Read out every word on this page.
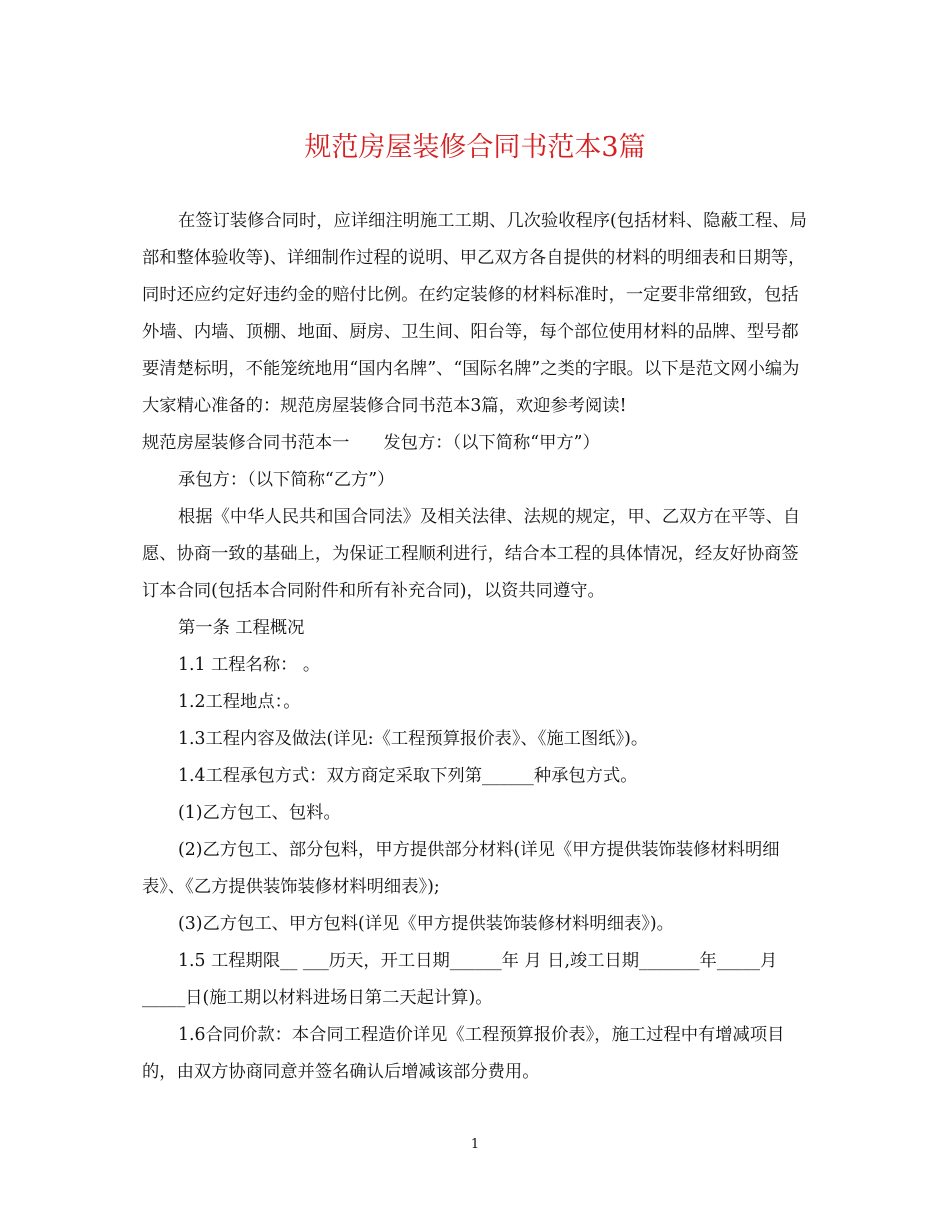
规范房屋装修合同书范本3篇

在签订装修合同时，应详细注明施工工期、几次验收程序(包括材料、隐蔽工程、局部和整体验收等)、详细制作过程的说明、甲乙双方各自提供的材料的明细表和日期等，同时还应约定好违约金的赔付比例。在约定装修的材料标准时，一定要非常细致，包括外墙、内墙、顶棚、地面、厨房、卫生间、阳台等，每个部位使用材料的品牌、型号都要清楚标明，不能笼统地用“国内名牌”、“国际名牌”之类的字眼。以下是范文网小编为大家精心准备的：规范房屋装修合同书范本3篇，欢迎参考阅读!

规范房屋装修合同书范本一 发包方：（以下简称“甲方”）

承包方：（以下简称“乙方”）

根据《中华人民共和国合同法》及相关法律、法规的规定，甲、乙双方在平等、自愿、协商一致的基础上，为保证工程顺利进行，结合本工程的具体情况，经友好协商签订本合同(包括本合同附件和所有补充合同)，以资共同遵守。

第一条 工程概况

1.1 工程名称： 。

1.2工程地点：。

1.3工程内容及做法(详见:《工程预算报价表》、《施工图纸》)。

1.4工程承包方式：双方商定采取下列第______种承包方式。

(1)乙方包工、包料。

(2)乙方包工、部分包料，甲方提供部分材料(详见《甲方提供装饰装修材料明细表》、《乙方提供装饰装修材料明细表》);

(3)乙方包工、甲方包料(详见《甲方提供装饰装修材料明细表》)。

1.5 工程期限__ ___历天，开工日期______年 月 日,竣工日期_______年_____月_____日(施工期以材料进场日第二天起计算)。

1.6合同价款：本合同工程造价详见《工程预算报价表》，施工过程中有增减项目的，由双方协商同意并签名确认后增减该部分费用。

1
